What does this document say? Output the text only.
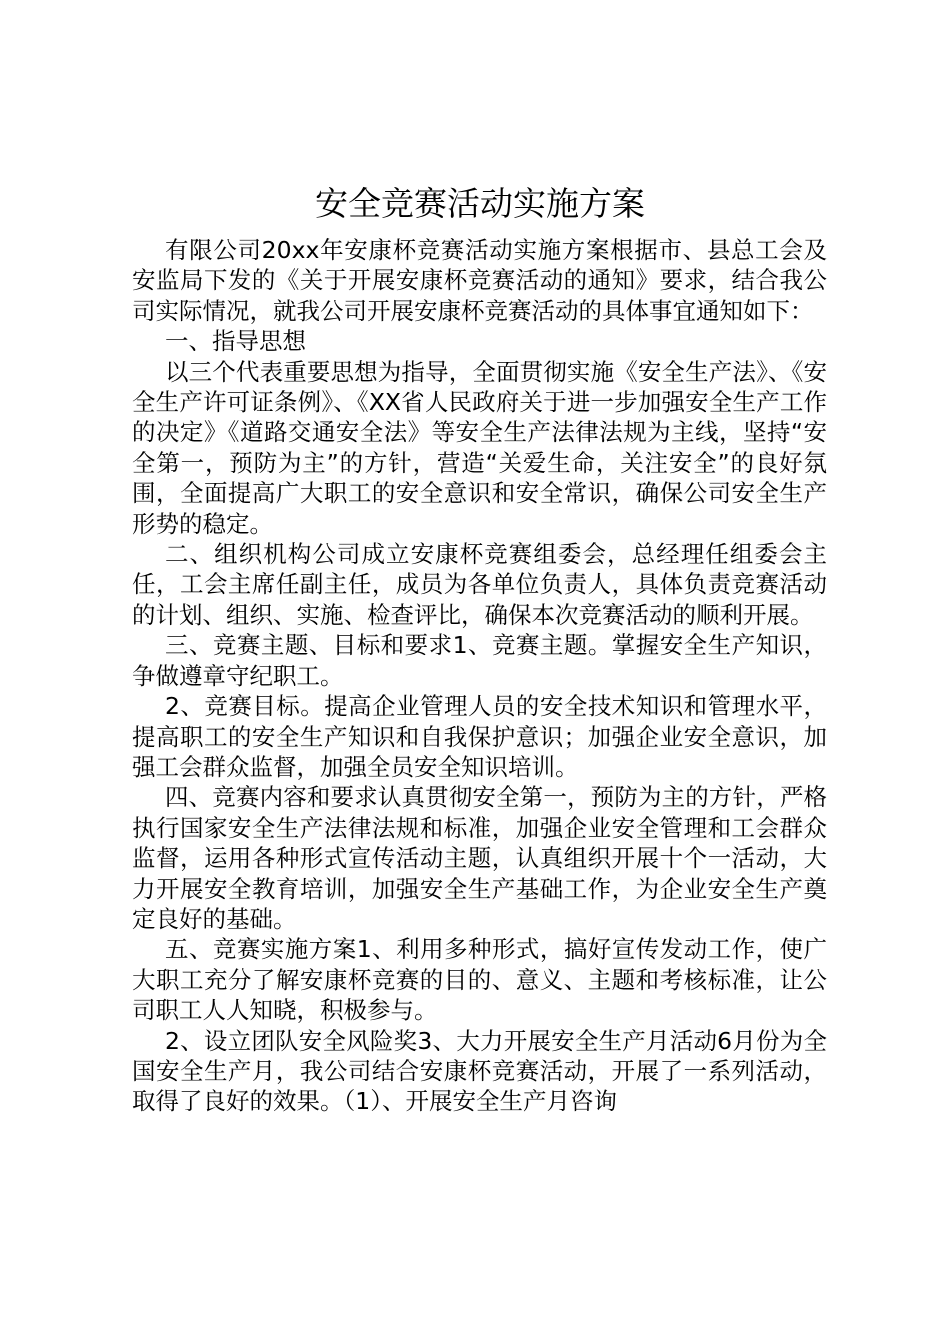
安全竞赛活动实施方案

有限公司20xx年安康杯竞赛活动实施方案根据市、县总工会及安监局下发的《关于开展安康杯竞赛活动的通知》要求，结合我公司实际情况，就我公司开展安康杯竞赛活动的具体事宜通知如下：

一、指导思想

以三个代表重要思想为指导，全面贯彻实施《安全生产法》、《安全生产许可证条例》、《XX省人民政府关于进一步加强安全生产工作的决定》《道路交通安全法》等安全生产法律法规为主线，坚持“安全第一，预防为主”的方针，营造“关爱生命，关注安全”的良好氛围，全面提高广大职工的安全意识和安全常识，确保公司安全生产形势的稳定。

二、组织机构公司成立安康杯竞赛组委会，总经理任组委会主任，工会主席任副主任，成员为各单位负责人，具体负责竞赛活动的计划、组织、实施、检查评比，确保本次竞赛活动的顺利开展。

三、竞赛主题、目标和要求1、竞赛主题。掌握安全生产知识，争做遵章守纪职工。

2、竞赛目标。提高企业管理人员的安全技术知识和管理水平，提高职工的安全生产知识和自我保护意识；加强企业安全意识，加强工会群众监督，加强全员安全知识培训。

四、竞赛内容和要求认真贯彻安全第一，预防为主的方针，严格执行国家安全生产法律法规和标准，加强企业安全管理和工会群众监督，运用各种形式宣传活动主题，认真组织开展十个一活动，大力开展安全教育培训，加强安全生产基础工作，为企业安全生产奠定良好的基础。

五、竞赛实施方案1、利用多种形式，搞好宣传发动工作，使广大职工充分了解安康杯竞赛的目的、意义、主题和考核标准，让公司职工人人知晓，积极参与。

2、设立团队安全风险奖3、大力开展安全生产月活动6月份为全国安全生产月，我公司结合安康杯竞赛活动，开展了一系列活动，取得了良好的效果。（1）、开展安全生产月咨询
